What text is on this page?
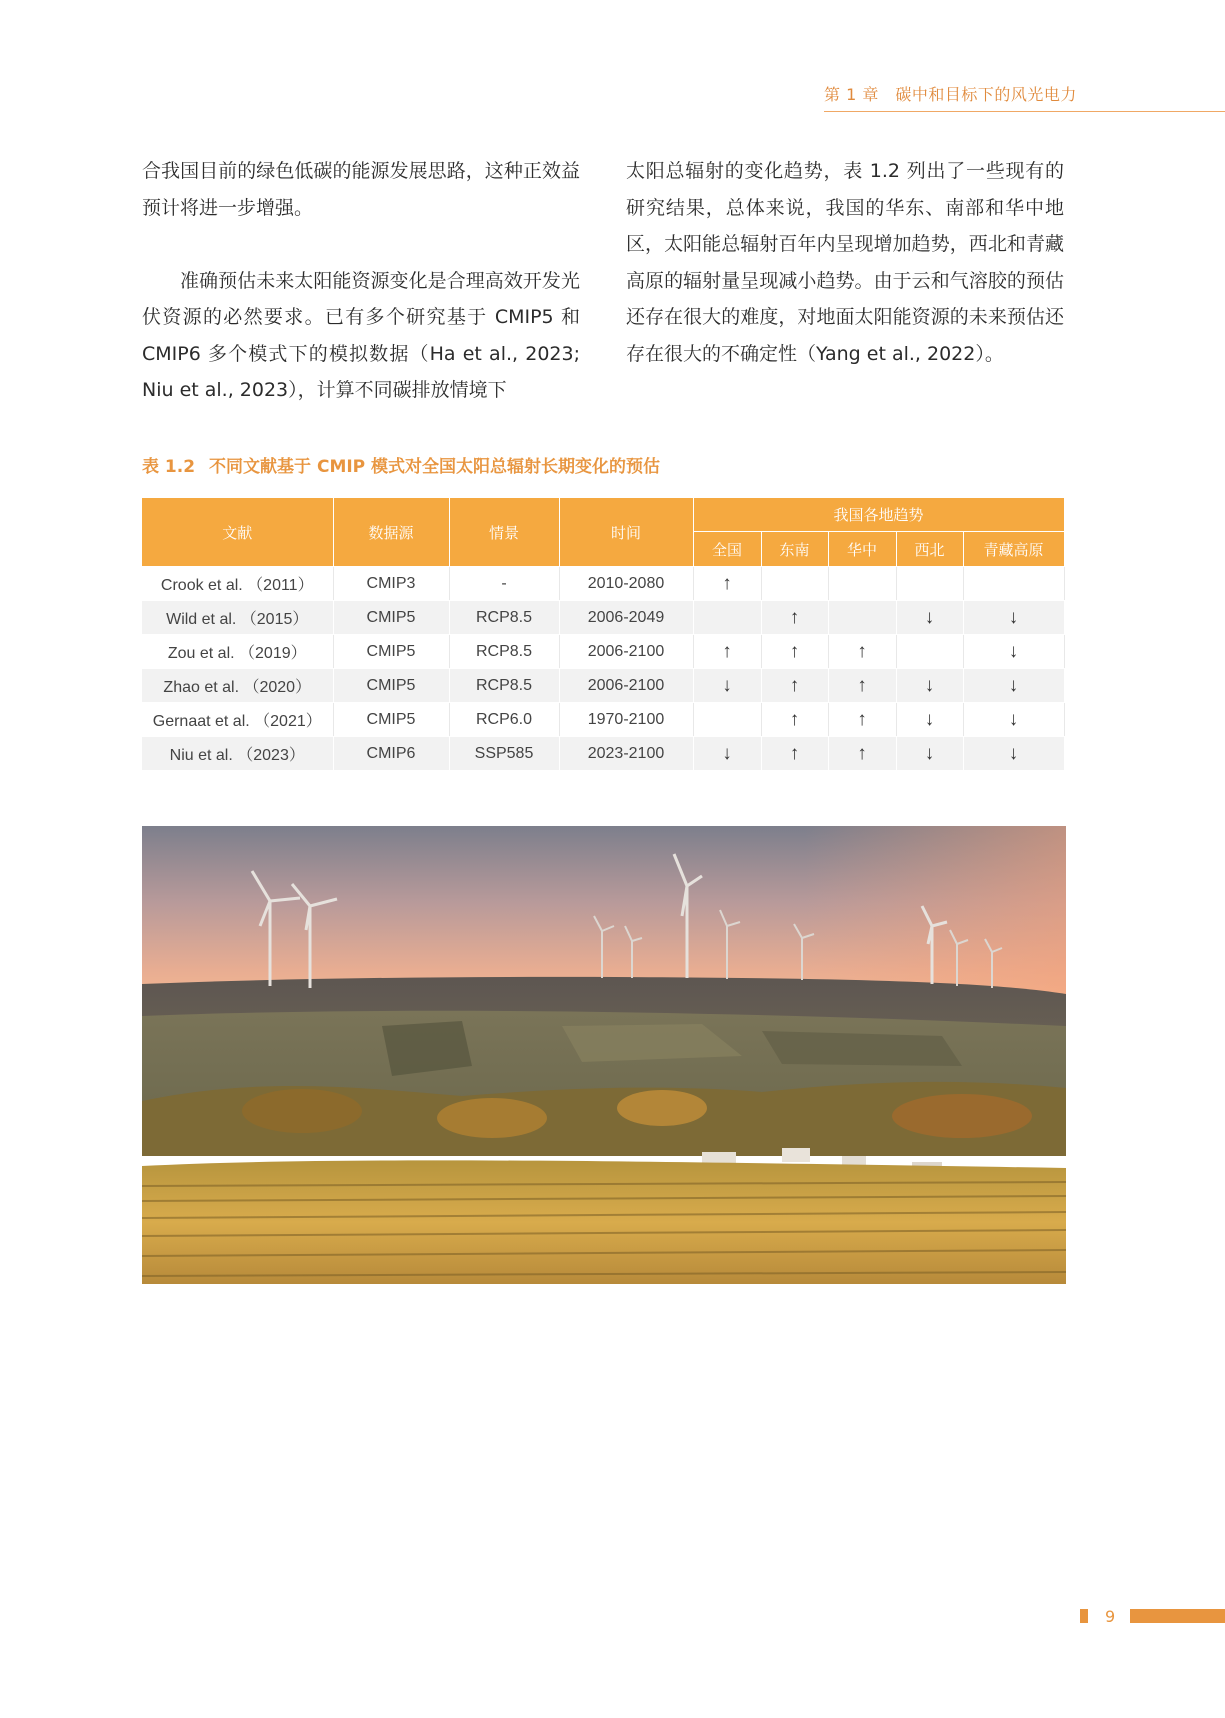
第 1 章　碳中和目标下的风光电力

合我国目前的绿色低碳的能源发展思路，这种正效益预计将进一步增强。

准确预估未来太阳能资源变化是合理高效开发光伏资源的必然要求。已有多个研究基于 CMIP5 和 CMIP6 多个模式下的模拟数据（Ha et al., 2023; Niu et al., 2023），计算不同碳排放情境下

太阳总辐射的变化趋势，表 1.2 列出了一些现有的研究结果，总体来说，我国的华东、南部和华中地区，太阳能总辐射百年内呈现增加趋势，西北和青藏高原的辐射量呈现减小趋势。由于云和气溶胶的预估还存在很大的难度，对地面太阳能资源的未来预估还存在很大的不确定性（Yang et al., 2022）。

表 1.2 不同文献基于 CMIP 模式对全国太阳总辐射长期变化的预估
文献	数据源	情景	时间	我国各地趋势				
				全国	东南	华中	西北	青藏高原
Crook et al. （2011）	CMIP3	-	2010-2080	↑				
Wild et al. （2015）	CMIP5	RCP8.5	2006-2049		↑		↓	↓
Zou et al. （2019）	CMIP5	RCP8.5	2006-2100	↑	↑	↑		↓
Zhao et al. （2020）	CMIP5	RCP8.5	2006-2100	↓	↑	↑	↓	↓
Gernaat et al. （2021）	CMIP5	RCP6.0	1970-2100		↑	↑	↓	↓
Niu et al. （2023）	CMIP6	SSP585	2023-2100	↓	↑	↑	↓	↓
9
